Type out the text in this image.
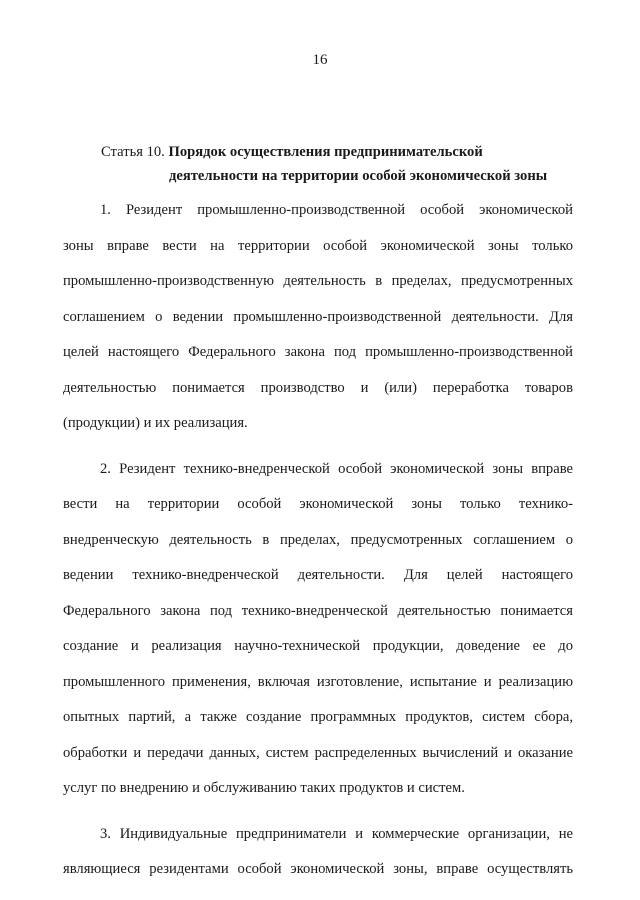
16
Статья 10. Порядок осуществления предпринимательской
деятельности на территории особой экономической зоны
1. Резидент промышленно-производственной особой экономической
зоны вправе вести на территории особой экономической зоны только
промышленно-производственную деятельность в пределах, предусмотренных
соглашением о ведении промышленно-производственной деятельности. Для
целей настоящего Федерального закона под промышленно-производственной
деятельностью понимается производство и (или) переработка товаров
(продукции) и их реализация.
2. Резидент технико-внедренческой особой экономической зоны вправе
вести на территории особой экономической зоны только технико-
внедренческую деятельность в пределах, предусмотренных соглашением о
ведении технико-внедренческой деятельности. Для целей настоящего
Федерального закона под технико-внедренческой деятельностью понимается
создание и реализация научно-технической продукции, доведение ее до
промышленного применения, включая изготовление, испытание и реализацию
опытных партий, а также создание программных продуктов, систем сбора,
обработки и передачи данных, систем распределенных вычислений и оказание
услуг по внедрению и обслуживанию таких продуктов и систем.
3. Индивидуальные предприниматели и коммерческие организации, не
являющиеся резидентами особой экономической зоны, вправе осуществлять
